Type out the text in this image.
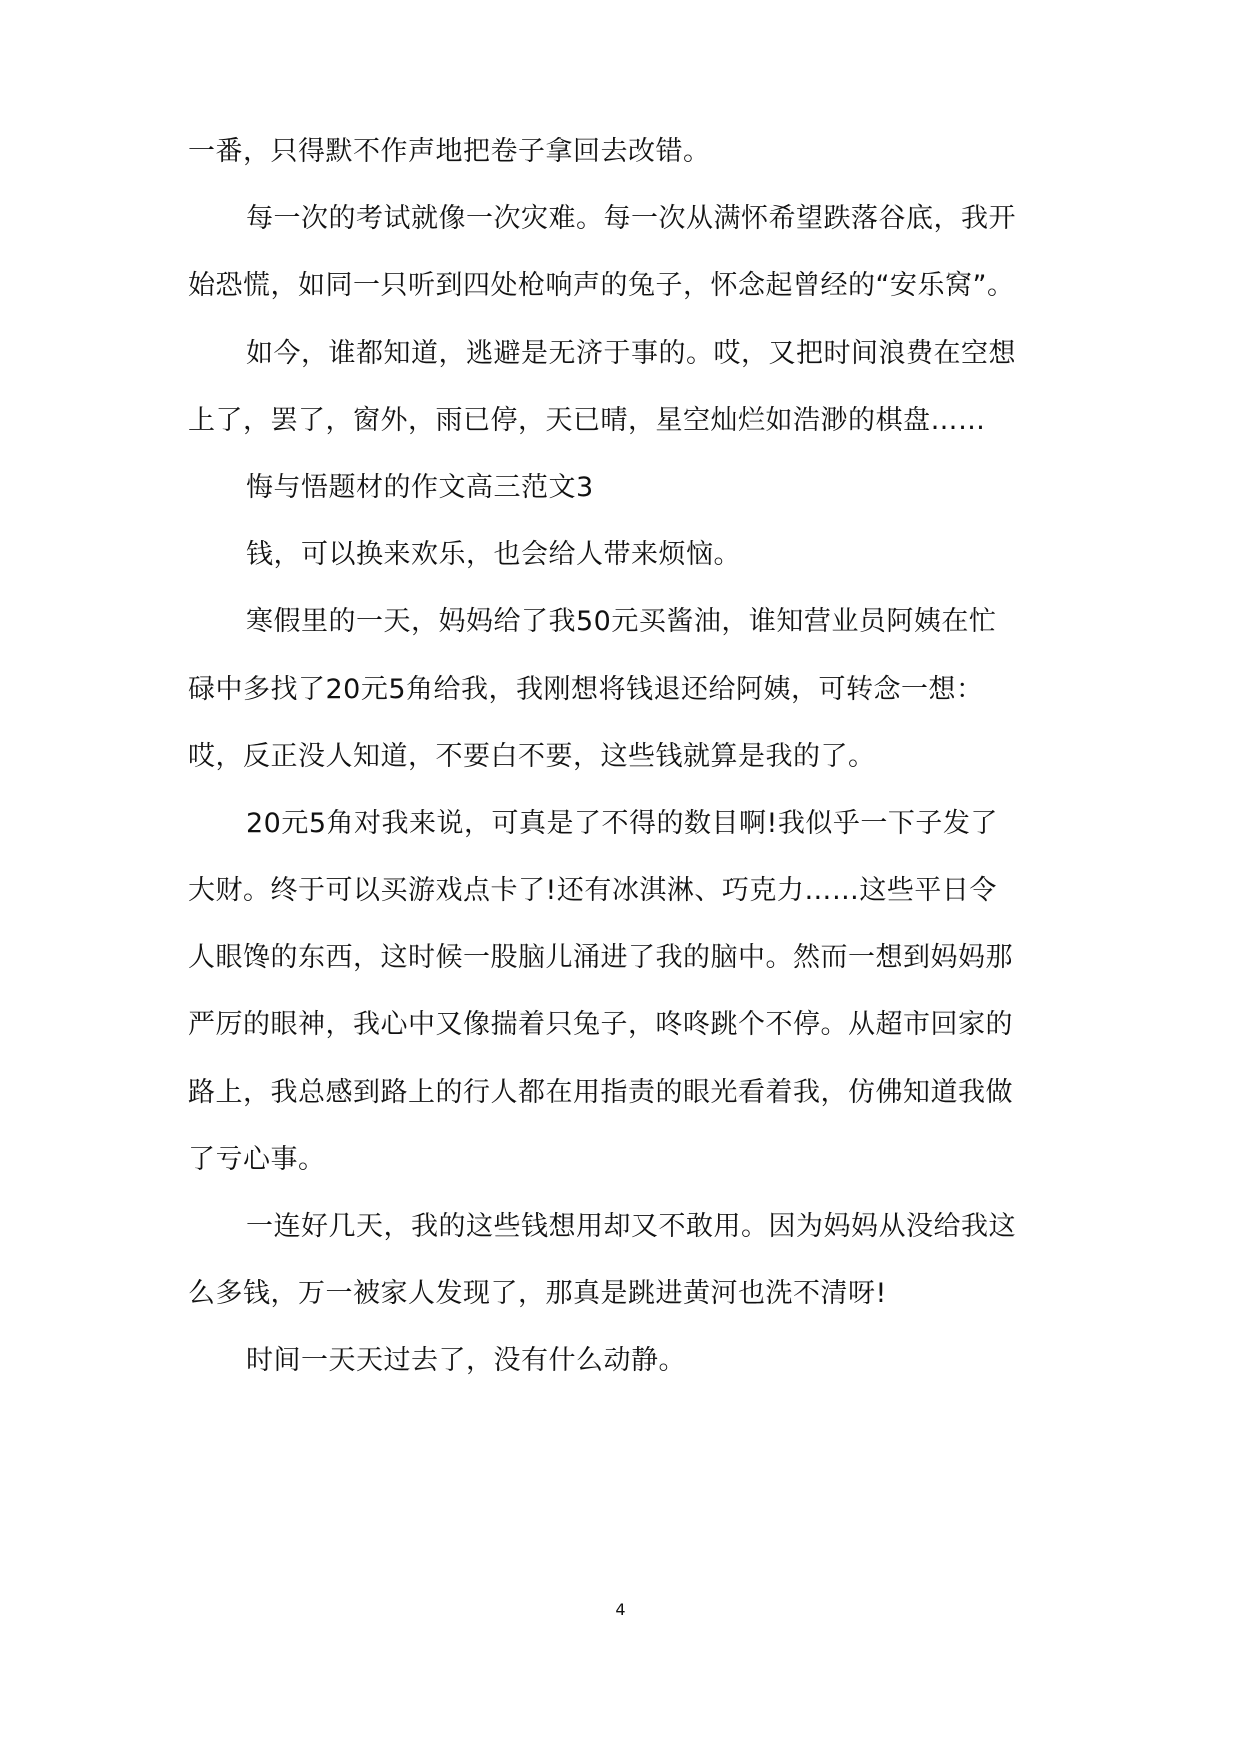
一番，只得默不作声地把卷子拿回去改错。
每一次的考试就像一次灾难。每一次从满怀希望跌落谷底，我开
始恐慌，如同一只听到四处枪响声的兔子，怀念起曾经的“安乐窝”。
如今，谁都知道，逃避是无济于事的。哎，又把时间浪费在空想
上了，罢了，窗外，雨已停，天已晴，星空灿烂如浩渺的棋盘……
悔与悟题材的作文高三范文3
钱，可以换来欢乐，也会给人带来烦恼。
寒假里的一天，妈妈给了我50元买酱油，谁知营业员阿姨在忙
碌中多找了20元5角给我，我刚想将钱退还给阿姨，可转念一想：
哎，反正没人知道，不要白不要，这些钱就算是我的了。
20元5角对我来说，可真是了不得的数目啊!我似乎一下子发了
大财。终于可以买游戏点卡了!还有冰淇淋、巧克力……这些平日令
人眼馋的东西，这时候一股脑儿涌进了我的脑中。然而一想到妈妈那
严厉的眼神，我心中又像揣着只兔子，咚咚跳个不停。从超市回家的
路上，我总感到路上的行人都在用指责的眼光看着我，仿佛知道我做
了亏心事。
一连好几天，我的这些钱想用却又不敢用。因为妈妈从没给我这
么多钱，万一被家人发现了，那真是跳进黄河也洗不清呀!
时间一天天过去了，没有什么动静。
4
